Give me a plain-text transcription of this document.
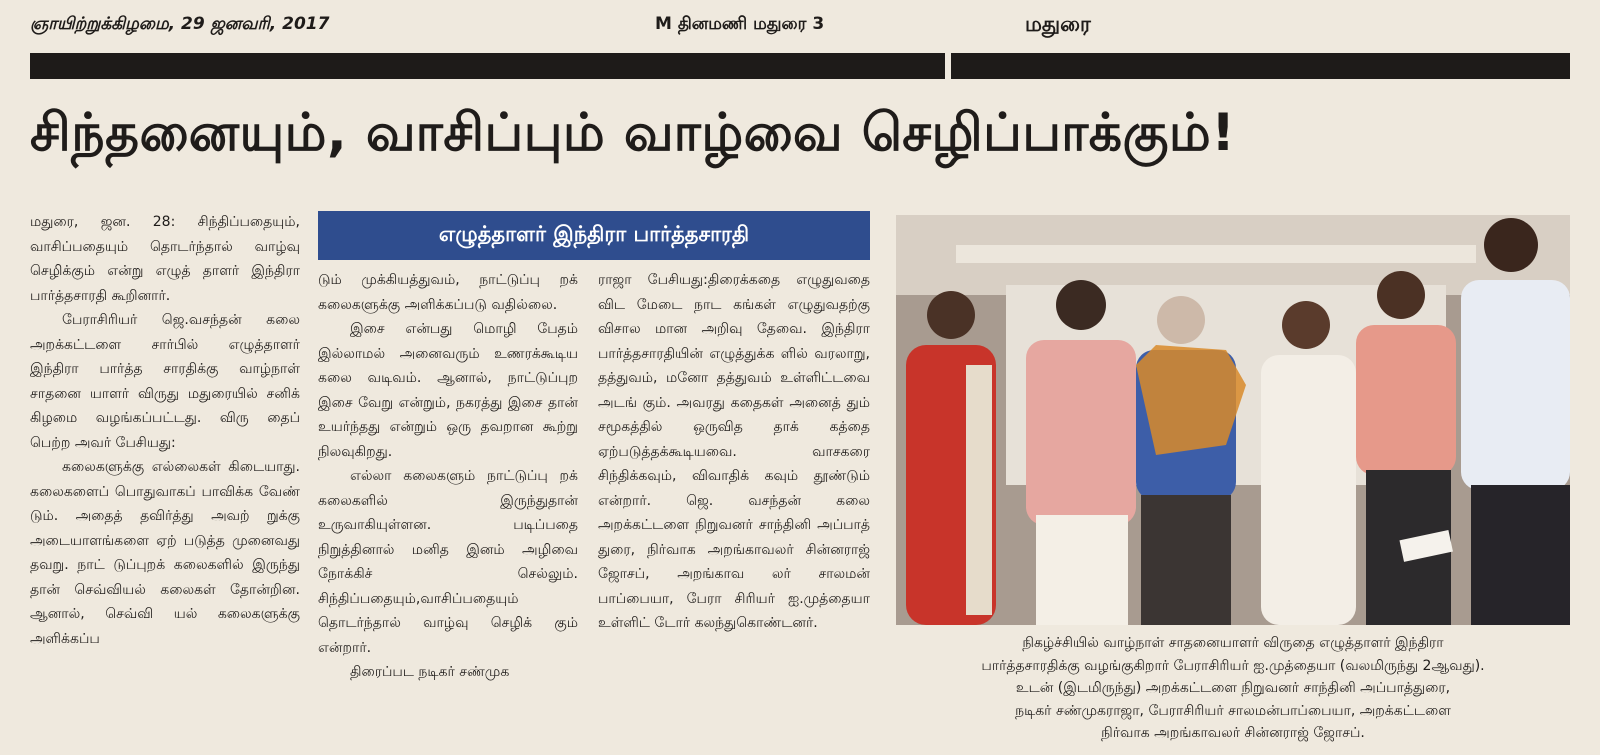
ஞாயிற்றுக்கிழமை, 29 ஜனவரி, 2017	M தினமணி மதுரை 3	மதுரை
சிந்தனையும், வாசிப்பும் வாழ்வை செழிப்பாக்கும்!
எழுத்தாளர் இந்திரா பார்த்தசாரதி

மதுரை, ஜன. 28: சிந்திப்பதையும், வாசிப்பதையும் தொடர்ந்தால் வாழ்வு செழிக்கும் என்று எழுத் தாளர் இந்திரா பார்த்தசாரதி கூறினார்.

பேராசிரியர் ஜெ.வசந்தன் கலை அறக்கட்டளை சார்பில் எழுத்தாளர் இந்திரா பார்த்த சாரதிக்கு வாழ்நாள் சாதனை யாளர் விருது மதுரையில் சனிக் கிழமை வழங்கப்பட்டது. விரு தைப் பெற்ற அவர் பேசியது:

கலைகளுக்கு எல்லைகள் கிடையாது. கலைகளைப் பொதுவாகப் பாவிக்க வேண் டும். அதைத் தவிர்த்து அவற் றுக்கு அடையாளங்களை ஏற் படுத்த முனைவது தவறு. நாட் டுப்புறக் கலைகளில் இருந்து தான் செவ்வியல் கலைகள் தோன்றின. ஆனால், செவ்வி யல் கலைகளுக்கு அளிக்கப்ப

டும் முக்கியத்துவம், நாட்டுப்பு றக் கலைகளுக்கு அளிக்கப்படு வதில்லை.

இசை என்பது மொழி பேதம் இல்லாமல் அனைவரும் உணரக்கூடிய கலை வடிவம். ஆனால், நாட்டுப்புற இசை வேறு என்றும், நகரத்து இசை தான் உயர்ந்தது என்றும் ஒரு தவறான கூற்று நிலவுகிறது.

எல்லா கலைகளும் நாட்டுப்பு றக் கலைகளில் இருந்துதான் உருவாகியுள்ளன. படிப்பதை நிறுத்தினால் மனித இனம் அழிவை நோக்கிச் செல்லும். சிந்திப்பதையும்,வாசிப்பதையும் தொடர்ந்தால் வாழ்வு செழிக் கும் என்றார்.

திரைப்பட நடிகர் சண்முக

ராஜா பேசியது:திரைக்கதை எழுதுவதை விட மேடை நாட கங்கள் எழுதுவதற்கு விசால மான அறிவு தேவை. இந்திரா பார்த்தசாரதியின் எழுத்துக்க ளில் வரலாறு, தத்துவம், மனோ தத்துவம் உள்ளிட்டவை அடங் கும். அவரது கதைகள் அனைத் தும் சமூகத்தில் ஒருவித தாக் கத்தை ஏற்படுத்தக்கூடியவை. வாசகரை சிந்திக்கவும், விவாதிக் கவும் தூண்டும் என்றார். ஜெ. வசந்தன் கலை அறக்கட்டளை நிறுவனர் சாந்தினி அப்பாத் துரை, நிர்வாக அறங்காவலர் சின்னராஜ் ஜோசப், அறங்காவ லர் சாலமன் பாப்பையா, பேரா சிரியர் ஐ.முத்தையா உள்ளிட் டோர் கலந்துகொண்டனர்.

நிகழ்ச்சியில் வாழ்நாள் சாதனையாளர் விருதை எழுத்தாளர் இந்திரா
பார்த்தசாரதிக்கு வழங்குகிறார் பேராசிரியர் ஐ.முத்தையா (வலமிருந்து 2ஆவது).
உடன் (இடமிருந்து) அறக்கட்டளை நிறுவனர் சாந்தினி அப்பாத்துரை,
நடிகர் சண்முகராஜா, பேராசிரியர் சாலமன்பாப்பையா, அறக்கட்டளை
நிர்வாக அறங்காவலர் சின்னராஜ் ஜோசப்.
